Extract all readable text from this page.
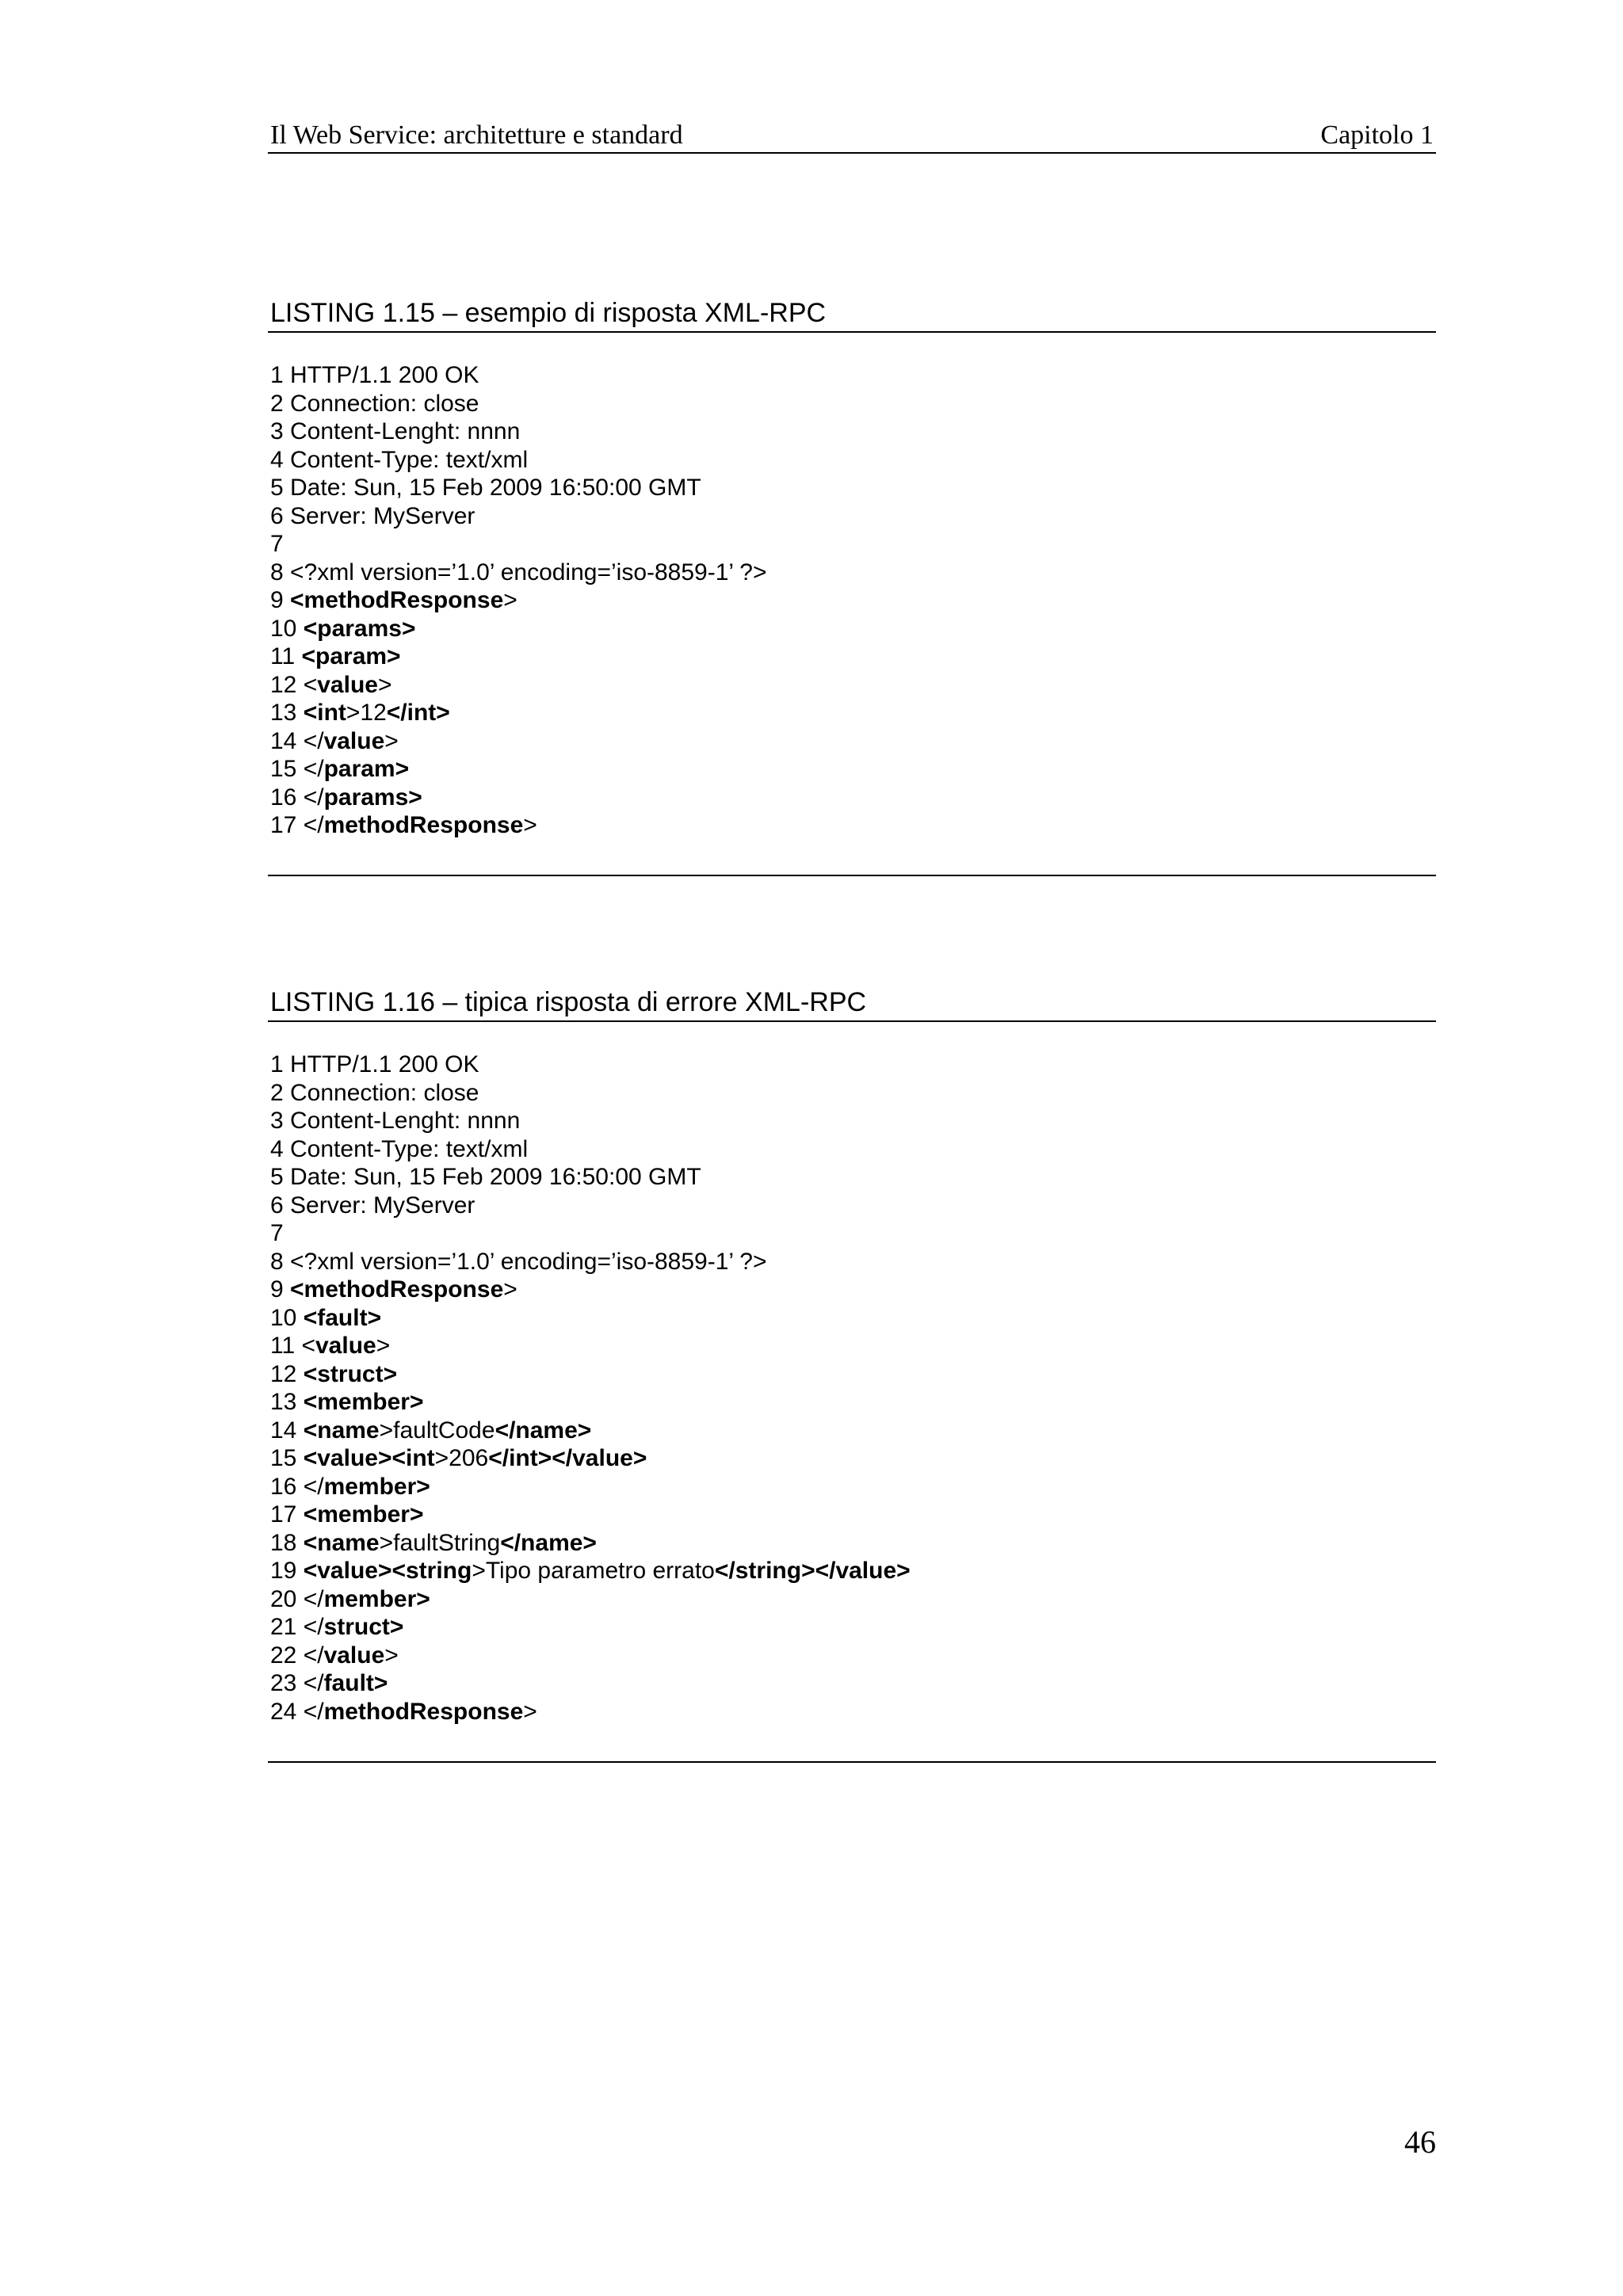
Il Web Service: architetture e standard	Capitolo 1
LISTING 1.15 – esempio di risposta XML-RPC
1 HTTP/1.1 200 OK
2 Connection: close
3 Content-Lenght: nnnn
4 Content-Type: text/xml
5 Date: Sun, 15 Feb 2009 16:50:00 GMT
6 Server: MyServer
7
8 <?xml version=’1.0’ encoding=’iso-8859-1’ ?>
9 <methodResponse>
10 <params>
11 <param>
12 <value>
13 <int>12</int>
14 </value>
15 </param>
16 </params>
17 </methodResponse>
LISTING 1.16 – tipica risposta di errore XML-RPC
1 HTTP/1.1 200 OK
2 Connection: close
3 Content-Lenght: nnnn
4 Content-Type: text/xml
5 Date: Sun, 15 Feb 2009 16:50:00 GMT
6 Server: MyServer
7
8 <?xml version=’1.0’ encoding=’iso-8859-1’ ?>
9 <methodResponse>
10 <fault>
11 <value>
12 <struct>
13 <member>
14 <name>faultCode</name>
15 <value><int>206</int></value>
16 </member>
17 <member>
18 <name>faultString</name>
19 <value><string>Tipo parametro errato</string></value>
20 </member>
21 </struct>
22 </value>
23 </fault>
24 </methodResponse>
46
